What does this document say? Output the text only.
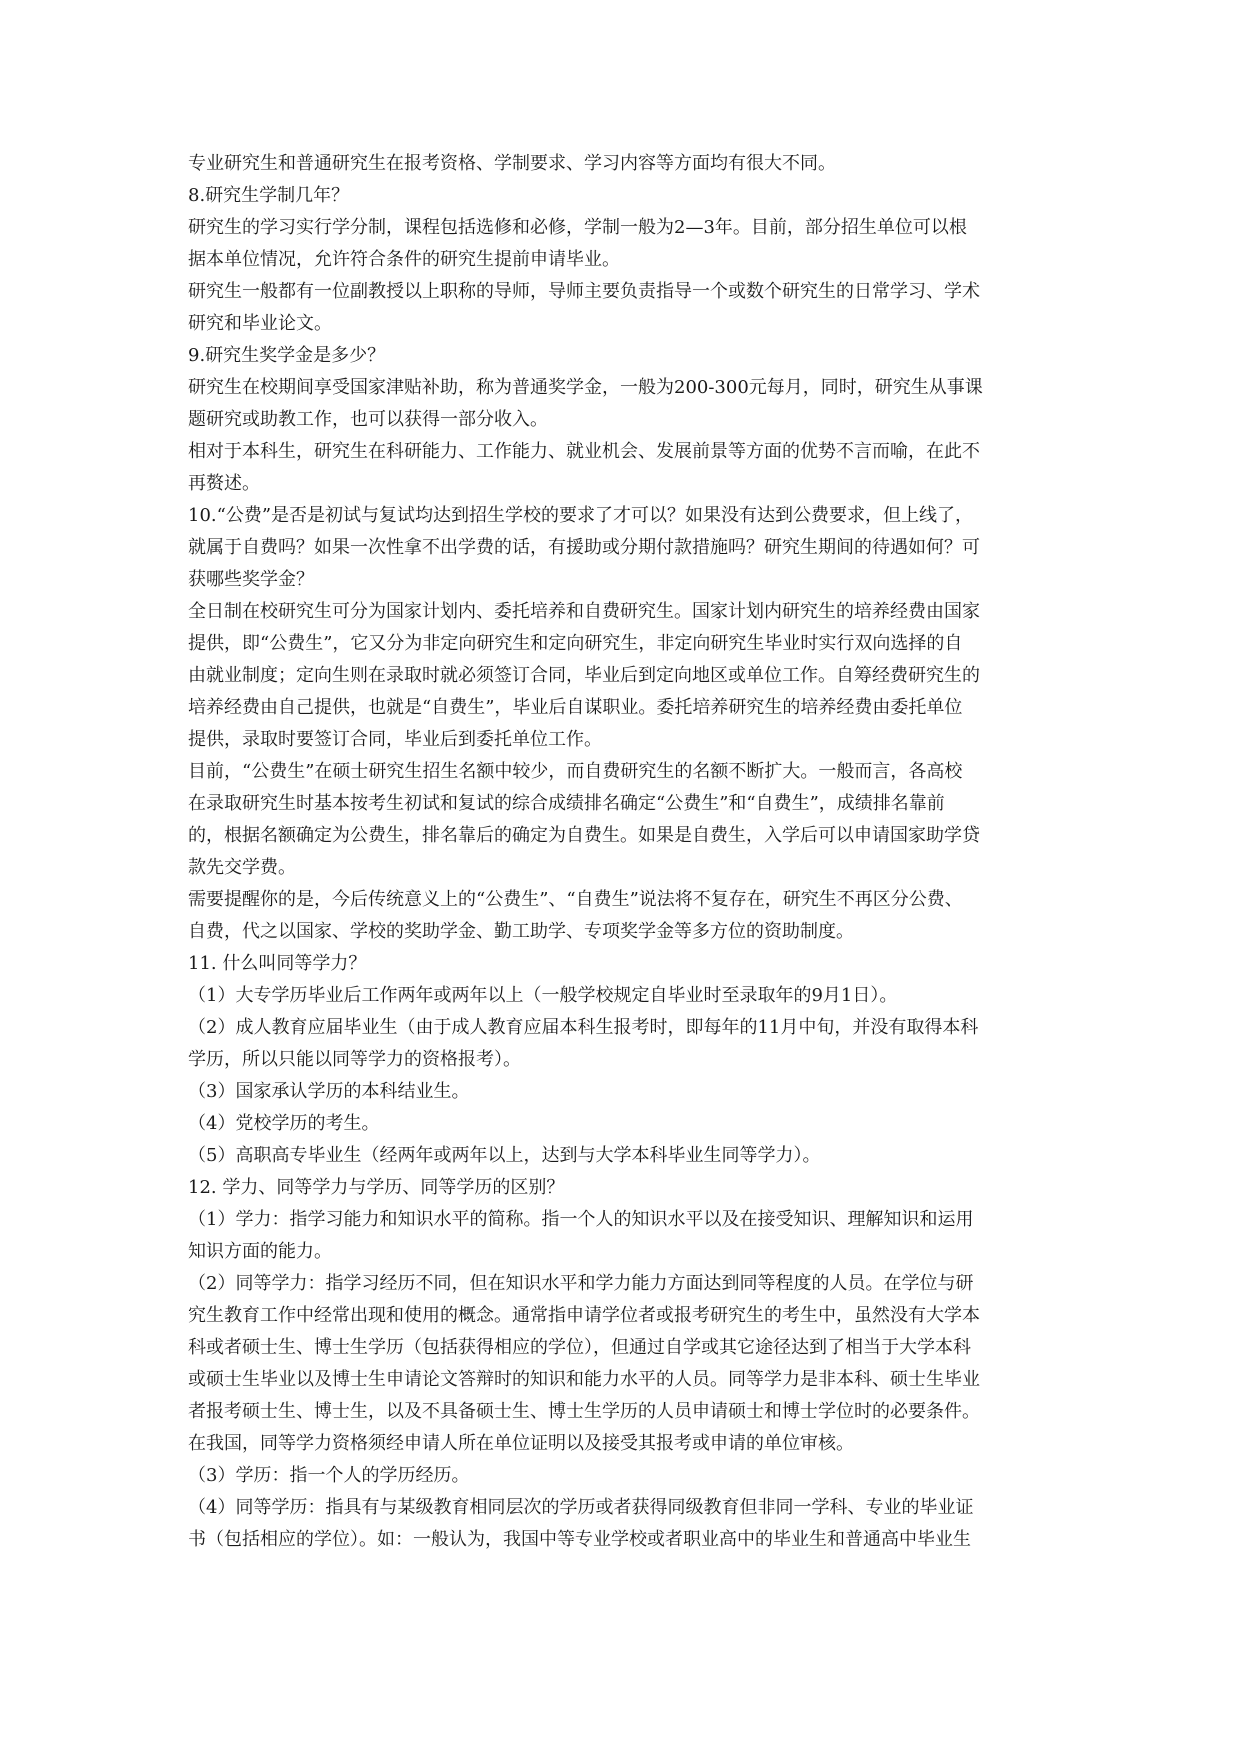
专业研究生和普通研究生在报考资格、学制要求、学习内容等方面均有很大不同。

8.研究生学制几年？

研究生的学习实行学分制，课程包括选修和必修，学制一般为2—3年。目前，部分招生单位可以根

据本单位情况，允许符合条件的研究生提前申请毕业。

研究生一般都有一位副教授以上职称的导师，导师主要负责指导一个或数个研究生的日常学习、学术

研究和毕业论文。

9.研究生奖学金是多少？

研究生在校期间享受国家津贴补助，称为普通奖学金，一般为200-300元每月，同时，研究生从事课

题研究或助教工作，也可以获得一部分收入。

相对于本科生，研究生在科研能力、工作能力、就业机会、发展前景等方面的优势不言而喻，在此不

再赘述。

10.“公费”是否是初试与复试均达到招生学校的要求了才可以？如果没有达到公费要求，但上线了，

就属于自费吗？如果一次性拿不出学费的话，有援助或分期付款措施吗？研究生期间的待遇如何？可

获哪些奖学金？

全日制在校研究生可分为国家计划内、委托培养和自费研究生。国家计划内研究生的培养经费由国家

提供，即“公费生”，它又分为非定向研究生和定向研究生，非定向研究生毕业时实行双向选择的自

由就业制度；定向生则在录取时就必须签订合同，毕业后到定向地区或单位工作。自筹经费研究生的

培养经费由自己提供，也就是“自费生”，毕业后自谋职业。委托培养研究生的培养经费由委托单位

提供，录取时要签订合同，毕业后到委托单位工作。

目前，“公费生”在硕士研究生招生名额中较少，而自费研究生的名额不断扩大。一般而言，各高校

在录取研究生时基本按考生初试和复试的综合成绩排名确定“公费生”和“自费生”，成绩排名靠前

的，根据名额确定为公费生，排名靠后的确定为自费生。如果是自费生，入学后可以申请国家助学贷

款先交学费。

需要提醒你的是，今后传统意义上的“公费生”、“自费生”说法将不复存在，研究生不再区分公费、

自费，代之以国家、学校的奖助学金、勤工助学、专项奖学金等多方位的资助制度。

11. 什么叫同等学力？

（1）大专学历毕业后工作两年或两年以上（一般学校规定自毕业时至录取年的9月1日）。

（2）成人教育应届毕业生（由于成人教育应届本科生报考时，即每年的11月中旬，并没有取得本科

学历，所以只能以同等学力的资格报考）。

（3）国家承认学历的本科结业生。

（4）党校学历的考生。

（5）高职高专毕业生（经两年或两年以上，达到与大学本科毕业生同等学力）。

12. 学力、同等学力与学历、同等学历的区别？

（1）学力：指学习能力和知识水平的简称。指一个人的知识水平以及在接受知识、理解知识和运用

知识方面的能力。

（2）同等学力：指学习经历不同，但在知识水平和学力能力方面达到同等程度的人员。在学位与研

究生教育工作中经常出现和使用的概念。通常指申请学位者或报考研究生的考生中，虽然没有大学本

科或者硕士生、博士生学历（包括获得相应的学位），但通过自学或其它途径达到了相当于大学本科

或硕士生毕业以及博士生申请论文答辩时的知识和能力水平的人员。同等学力是非本科、硕士生毕业

者报考硕士生、博士生，以及不具备硕士生、博士生学历的人员申请硕士和博士学位时的必要条件。

在我国，同等学力资格须经申请人所在单位证明以及接受其报考或申请的单位审核。

（3）学历：指一个人的学历经历。

（4）同等学历：指具有与某级教育相同层次的学历或者获得同级教育但非同一学科、专业的毕业证

书（包括相应的学位）。如：一般认为，我国中等专业学校或者职业高中的毕业生和普通高中毕业生
